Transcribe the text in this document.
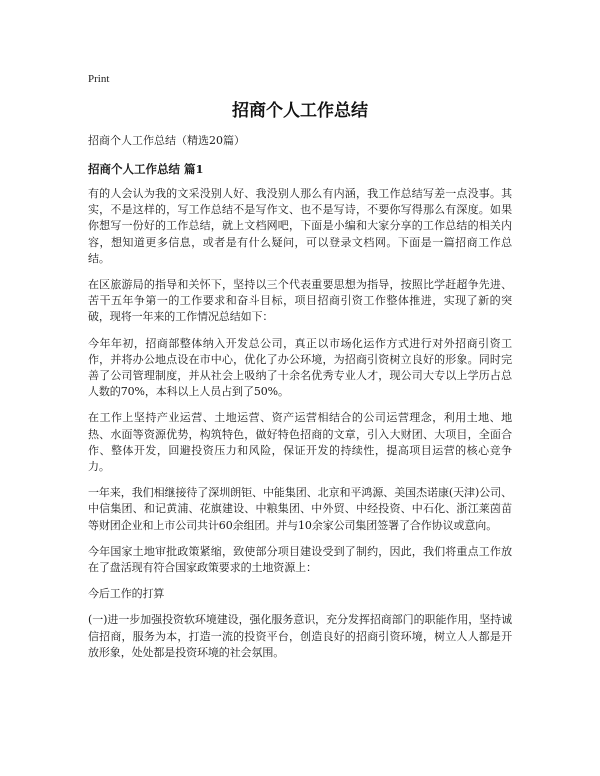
Print
招商个人工作总结

招商个人工作总结（精选20篇）

招商个人工作总结 篇1

有的人会认为我的文采没别人好、我没别人那么有内涵，我工作总结写差一点没事。其实，不是这样的，写工作总结不是写作文、也不是写诗，不要你写得那么有深度。如果你想写一份好的工作总结，就上文档网吧，下面是小编和大家分享的工作总结的相关内容，想知道更多信息，或者是有什么疑问，可以登录文档网。下面是一篇招商工作总结。

在区旅游局的指导和关怀下，坚持以三个代表重要思想为指导，按照比学赶超争先进、苦干五年争第一的工作要求和奋斗目标，项目招商引资工作整体推进，实现了新的突破，现将一年来的工作情况总结如下：

今年年初，招商部整体纳入开发总公司，真正以市场化运作方式进行对外招商引资工作，并将办公地点设在市中心，优化了办公环境，为招商引资树立良好的形象。同时完善了公司管理制度，并从社会上吸纳了十余名优秀专业人才，现公司大专以上学历占总人数的70%，本科以上人员占到了50%。

在工作上坚持产业运营、土地运营、资产运营相结合的公司运营理念，利用土地、地热、水面等资源优势，构筑特色，做好特色招商的文章，引入大财团、大项目，全面合作、整体开发，回避投资压力和风险，保证开发的持续性，提高项目运营的核心竞争力。

一年来，我们相继接待了深圳朗钜、中能集团、北京和平鸿源、美国杰诺康(天津)公司、中信集团、和记黄浦、花旗建设、中粮集团、中外贸、中经投资、中石化、浙江莱茵苗等财团企业和上市公司共计60余组团。并与10余家公司集团签署了合作协议或意向。

今年国家土地审批政策紧缩，致使部分项目建设受到了制约，因此，我们将重点工作放在了盘活现有符合国家政策要求的土地资源上：

今后工作的打算

(一)进一步加强投资软环境建设，强化服务意识，充分发挥招商部门的职能作用，坚持诚信招商，服务为本，打造一流的投资平台，创造良好的招商引资环境，树立人人都是开放形象，处处都是投资环境的社会氛围。
